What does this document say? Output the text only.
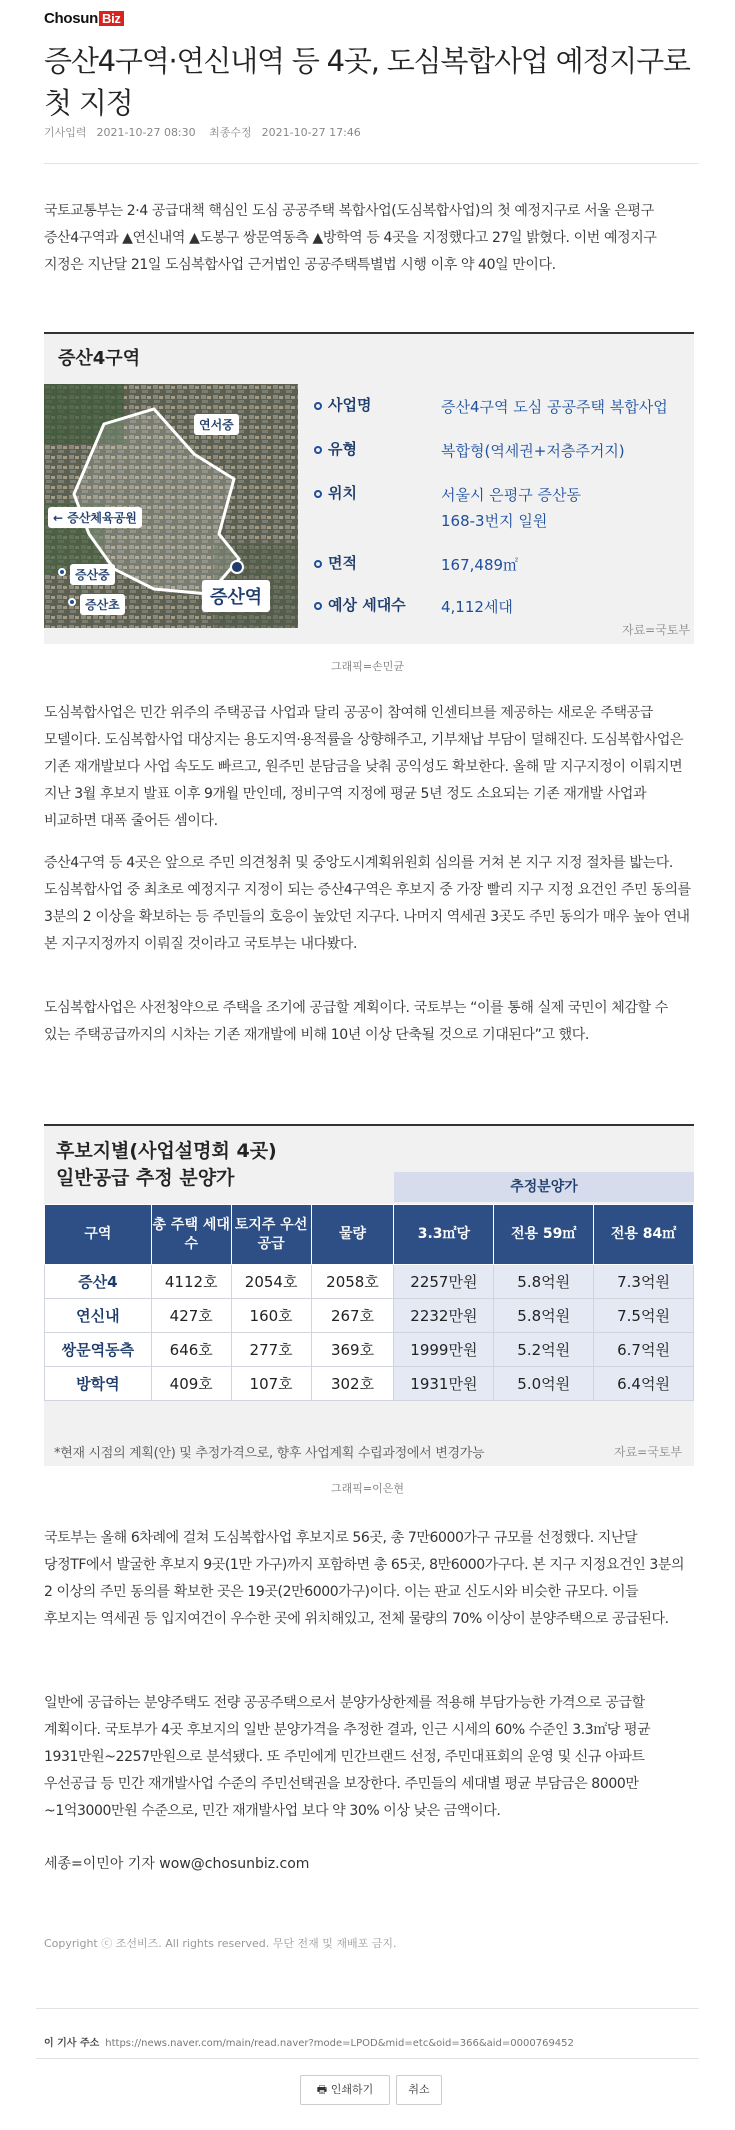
Chosun Biz
증산4구역·연신내역 등 4곳, 도심복합사업 예정지구로 첫 지정
기사입력 2021-10-27 08:30 최종수정 2021-10-27 17:46

국토교통부는 2·4 공급대책 핵심인 도심 공공주택 복합사업(도심복합사업)의 첫 예정지구로 서울 은평구 증산4구역과 ▲연신내역 ▲도봉구 쌍문역동측 ▲방학역 등 4곳을 지정했다고 27일 밝혔다. 이번 예정지구 지정은 지난달 21일 도심복합사업 근거법인 공공주택특별법 시행 이후 약 40일 만이다.

증산4구역
연서중
← 증산체육공원
증산중
증산초	증산역
사업명	증산4구역 도심 공공주택 복합사업
유형	복합형(역세권+저층주거지)
위치	서울시 은평구 증산동
168-3번지 일원
면적	167,489㎡
예상 세대수 4,112세대
자료=국토부
그래픽=손민균

도심복합사업은 민간 위주의 주택공급 사업과 달리 공공이 참여해 인센티브를 제공하는 새로운 주택공급 모델이다. 도심복합사업 대상지는 용도지역·용적률을 상향해주고, 기부채납 부담이 덜해진다. 도심복합사업은 기존 재개발보다 사업 속도도 빠르고, 원주민 분담금을 낮춰 공익성도 확보한다. 올해 말 지구지정이 이뤄지면 지난 3월 후보지 발표 이후 9개월 만인데, 정비구역 지정에 평균 5년 정도 소요되는 기존 재개발 사업과 비교하면 대폭 줄어든 셈이다.

증산4구역 등 4곳은 앞으로 주민 의견청취 및 중앙도시계획위원회 심의를 거쳐 본 지구 지정 절차를 밟는다. 도심복합사업 중 최초로 예정지구 지정이 되는 증산4구역은 후보지 중 가장 빨리 지구 지정 요건인 주민 동의를 3분의 2 이상을 확보하는 등 주민들의 호응이 높았던 지구다. 나머지 역세권 3곳도 주민 동의가 매우 높아 연내 본 지구지정까지 이뤄질 것이라고 국토부는 내다봤다.

도심복합사업은 사전청약으로 주택을 조기에 공급할 계획이다. 국토부는 “이를 통해 실제 국민이 체감할 수 있는 주택공급까지의 시차는 기존 재개발에 비해 10년 이상 단축될 것으로 기대된다”고 했다.

후보지별(사업설명회 4곳)
일반공급 추정 분양가	추정분양가
구역	총 주택 세대수	토지주 우선공급	물량	3.3㎡당	전용 59㎡	전용 84㎡
증산4	4112호	2054호	2058호	2257만원	5.8억원	7.3억원
연신내	427호	160호	267호	2232만원	5.8억원	7.5억원
쌍문역동측	646호	277호	369호	1999만원	5.2억원	6.7억원
방학역	409호	107호	302호	1931만원	5.0억원	6.4억원
*현재 시점의 계획(안) 및 추정가격으로, 향후 사업계획 수립과정에서 변경가능	자료=국토부
그래픽=이은현

국토부는 올해 6차례에 걸쳐 도심복합사업 후보지로 56곳, 총 7만6000가구 규모를 선정했다. 지난달 당정TF에서 발굴한 후보지 9곳(1만 가구)까지 포함하면 총 65곳, 8만6000가구다. 본 지구 지정요건인 3분의 2 이상의 주민 동의를 확보한 곳은 19곳(2만6000가구)이다. 이는 판교 신도시와 비슷한 규모다. 이들 후보지는 역세권 등 입지여건이 우수한 곳에 위치해있고, 전체 물량의 70% 이상이 분양주택으로 공급된다.

일반에 공급하는 분양주택도 전량 공공주택으로서 분양가상한제를 적용해 부담가능한 가격으로 공급할 계획이다. 국토부가 4곳 후보지의 일반 분양가격을 추정한 결과, 인근 시세의 60% 수준인 3.3㎡당 평균 1931만원~2257만원으로 분석됐다. 또 주민에게 민간브랜드 선정, 주민대표회의 운영 및 신규 아파트 우선공급 등 민간 재개발사업 수준의 주민선택권을 보장한다. 주민들의 세대별 평균 부담금은 8000만~1억3000만원 수준으로, 민간 재개발사업 보다 약 30% 이상 낮은 금액이다.

세종=이민아 기자 wow@chosunbiz.com
Copyright ⓒ 조선비즈. All rights reserved. 무단 전재 및 재배포 금지.
이 기사 주소 https://news.naver.com/main/read.naver?mode=LPOD&mid=etc&oid=366&aid=0000769452
🖶 인쇄하기	취소
